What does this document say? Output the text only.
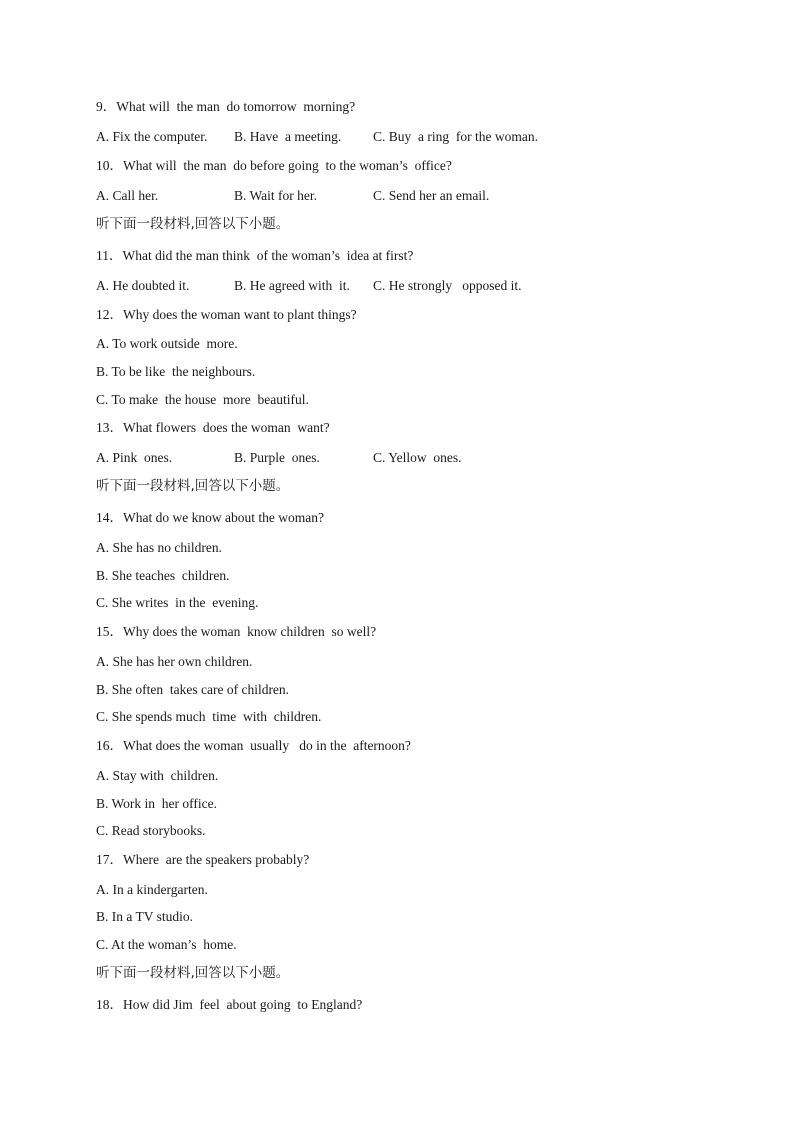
9．What will  the man  do tomorrow  morning?
A. Fix the computer. B. Have  a meeting. C. Buy  a ring  for the woman.
10．What will  the man  do before going  to the woman’s  office?
A. Call her.	B. Wait for her.	C. Send her an email.
听下面一段材料,回答以下小题。
11．What did the man think  of the woman’s  idea at first?
A. He doubted it.	B. He agreed with  it. C. He strongly   opposed it.
12．Why does the woman want to plant things?
A. To work outside  more.
B. To be like  the neighbours.
C. To make  the house  more  beautiful.
13．What flowers  does the woman  want?
A. Pink  ones.	B. Purple  ones.	C. Yellow  ones.
听下面一段材料,回答以下小题。
14．What do we know about the woman?
A. She has no children.
B. She teaches  children.
C. She writes  in the  evening.
15．Why does the woman  know children  so well?
A. She has her own children.
B. She often  takes care of children.
C. She spends much  time  with  children.
16．What does the woman  usually   do in the  afternoon?
A. Stay with  children.
B. Work in  her office.
C. Read storybooks.
17．Where  are the speakers probably?
A. In a kindergarten.
B. In a TV studio.
C. At the woman’s  home.
听下面一段材料,回答以下小题。
18．How did Jim  feel  about going  to England?
